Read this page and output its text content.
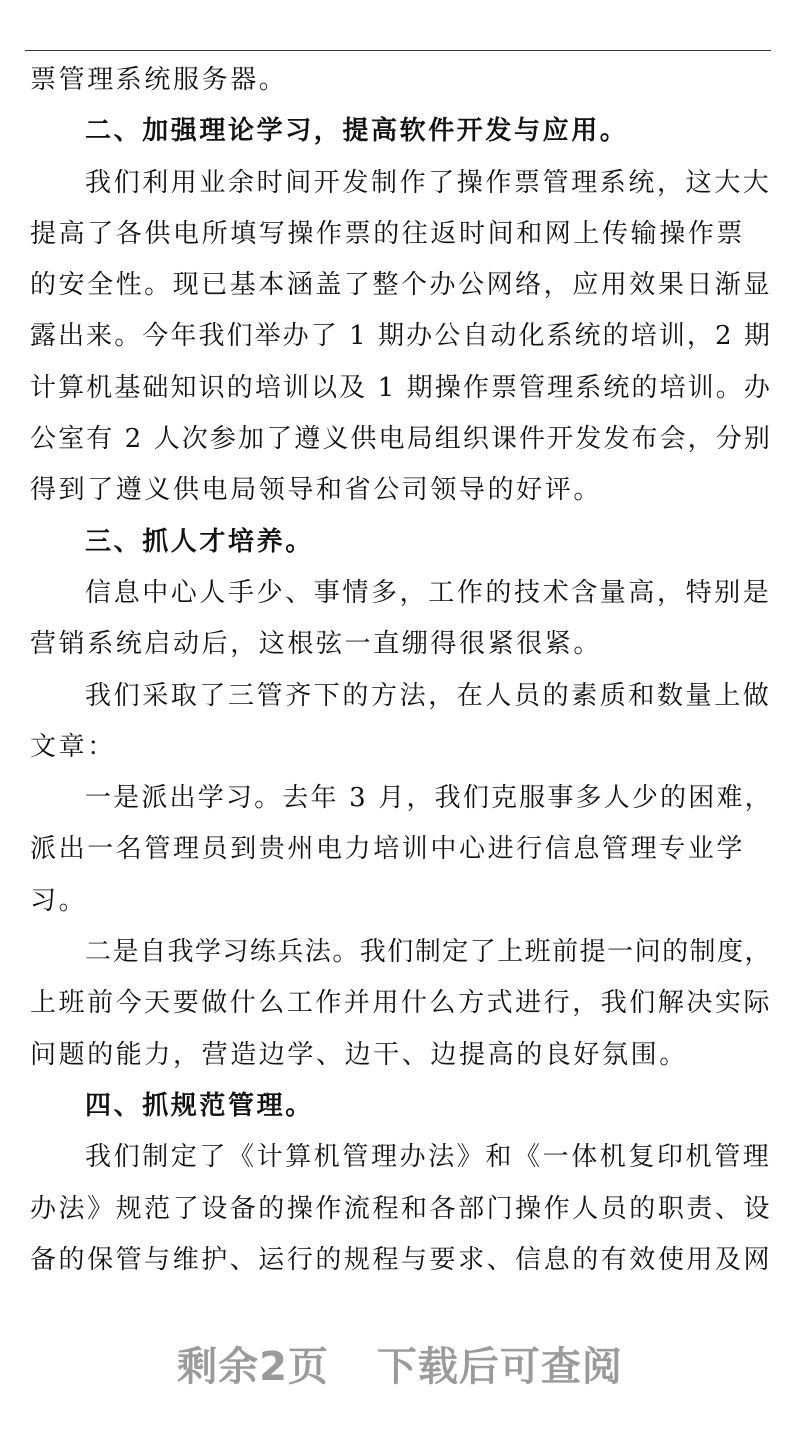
票管理系统服务器。
二、加强理论学习，提高软件开发与应用。
我们利用业余时间开发制作了操作票管理系统，这大大
提高了各供电所填写操作票的往返时间和网上传输操作票
的安全性。现已基本涵盖了整个办公网络，应用效果日渐显
露出来。今年我们举办了 1 期办公自动化系统的培训，2 期
计算机基础知识的培训以及 1 期操作票管理系统的培训。办
公室有 2 人次参加了遵义供电局组织课件开发发布会，分别
得到了遵义供电局领导和省公司领导的好评。
三、抓人才培养。
信息中心人手少、事情多，工作的技术含量高，特别是
营销系统启动后，这根弦一直绷得很紧很紧。
我们采取了三管齐下的方法，在人员的素质和数量上做
文章：
一是派出学习。去年 3 月，我们克服事多人少的困难，
派出一名管理员到贵州电力培训中心进行信息管理专业学
习。
二是自我学习练兵法。我们制定了上班前提一问的制度，
上班前今天要做什么工作并用什么方式进行，我们解决实际
问题的能力，营造边学、边干、边提高的良好氛围。
四、抓规范管理。
我们制定了《计算机管理办法》和《一体机复印机管理
办法》规范了设备的操作流程和各部门操作人员的职责、设
备的保管与维护、运行的规程与要求、信息的有效使用及网
剩余2页 下载后可查阅
